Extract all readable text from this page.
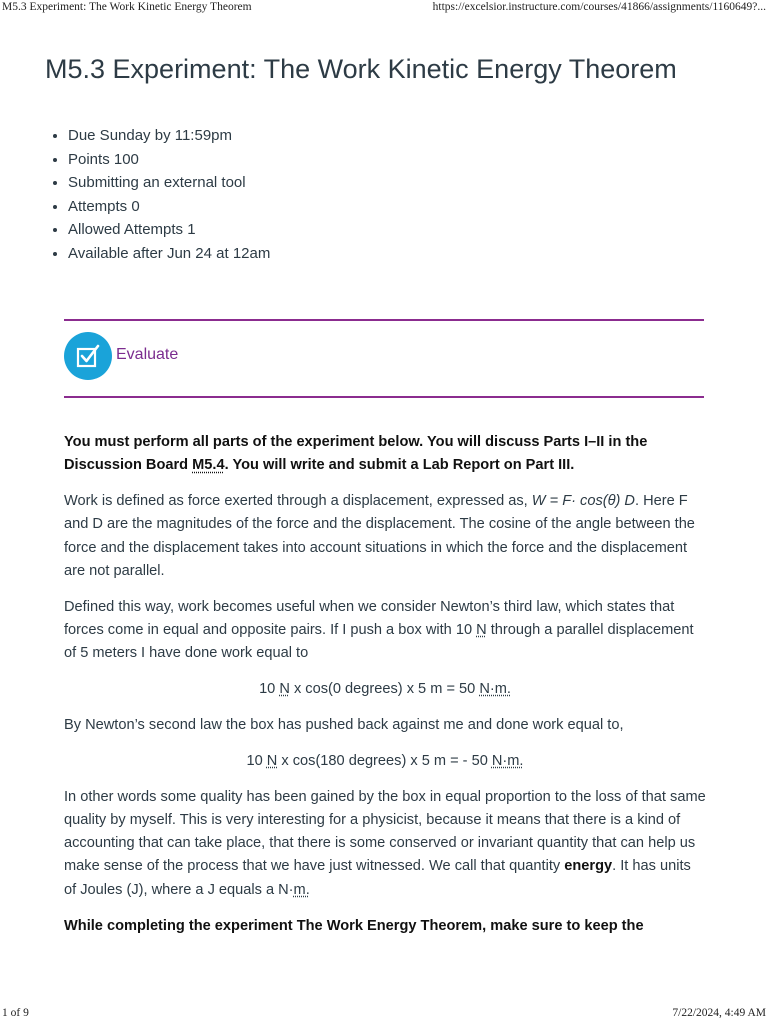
M5.3 Experiment: The Work Kinetic Energy Theorem	https://excelsior.instructure.com/courses/41866/assignments/1160649?...
M5.3 Experiment: The Work Kinetic Energy Theorem
• Due Sunday by 11:59pm
• Points 100
• Submitting an external tool
• Attempts 0
• Allowed Attempts 1
• Available after Jun 24 at 12am
Evaluate

You must perform all parts of the experiment below. You will discuss Parts I–II in the Discussion Board M5.4. You will write and submit a Lab Report on Part III.

Work is defined as force exerted through a displacement, expressed as, W = F· cos(θ) D. Here F and D are the magnitudes of the force and the displacement. The cosine of the angle between the force and the displacement takes into account situations in which the force and the displacement are not parallel.

Defined this way, work becomes useful when we consider Newton’s third law, which states that forces come in equal and opposite pairs. If I push a box with 10 N through a parallel displacement of 5 meters I have done work equal to

10 N x cos(0 degrees) x 5 m = 50 N·m.

By Newton’s second law the box has pushed back against me and done work equal to,

10 N x cos(180 degrees) x 5 m = - 50 N·m.

In other words some quality has been gained by the box in equal proportion to the loss of that same quality by myself. This is very interesting for a physicist, because it means that there is a kind of accounting that can take place, that there is some conserved or invariant quantity that can help us make sense of the process that we have just witnessed. We call that quantity energy. It has units of Joules (J), where a J equals a N·m.

While completing the experiment The Work Energy Theorem, make sure to keep the

1 of 9	7/22/2024, 4:49 AM
